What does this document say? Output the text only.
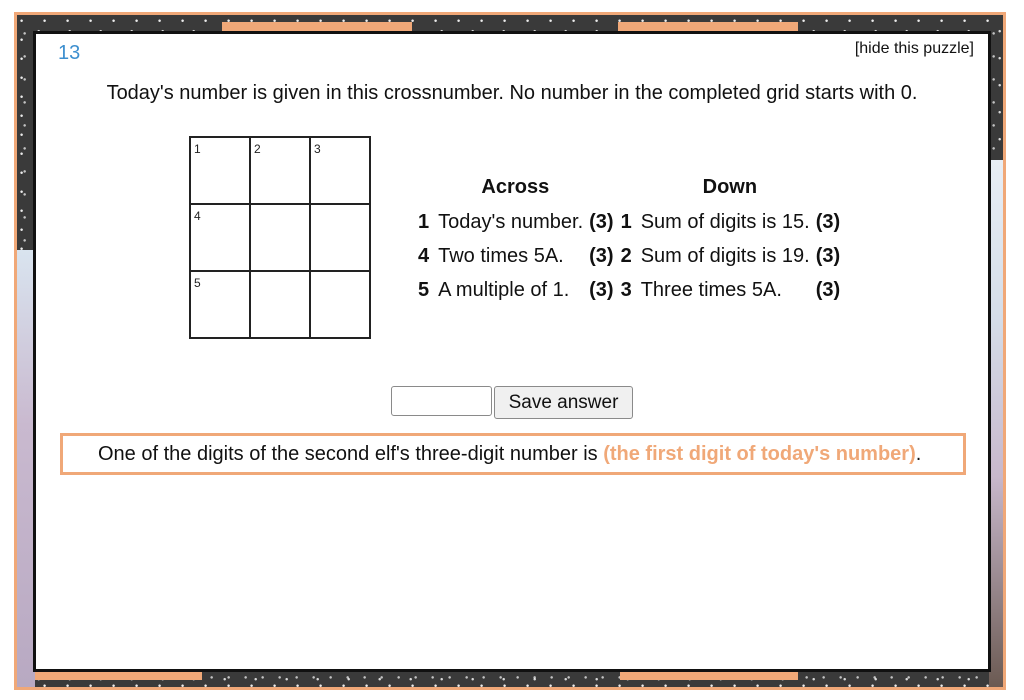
13	[hide this puzzle]
Today's number is given in this crossnumber. No number in the completed grid starts with 0.
1	2	3

4		

5		

Across			Down		
1	Today's number.	(3)	1	Sum of digits is 15.	(3)
4	Two times 5A.	(3)	2	Sum of digits is 19.	(3)
5	A multiple of 1.	(3)	3	Three times 5A.	(3)
Save answer
One of the digits of the second elf's three-digit number is (the first digit of today's number).
